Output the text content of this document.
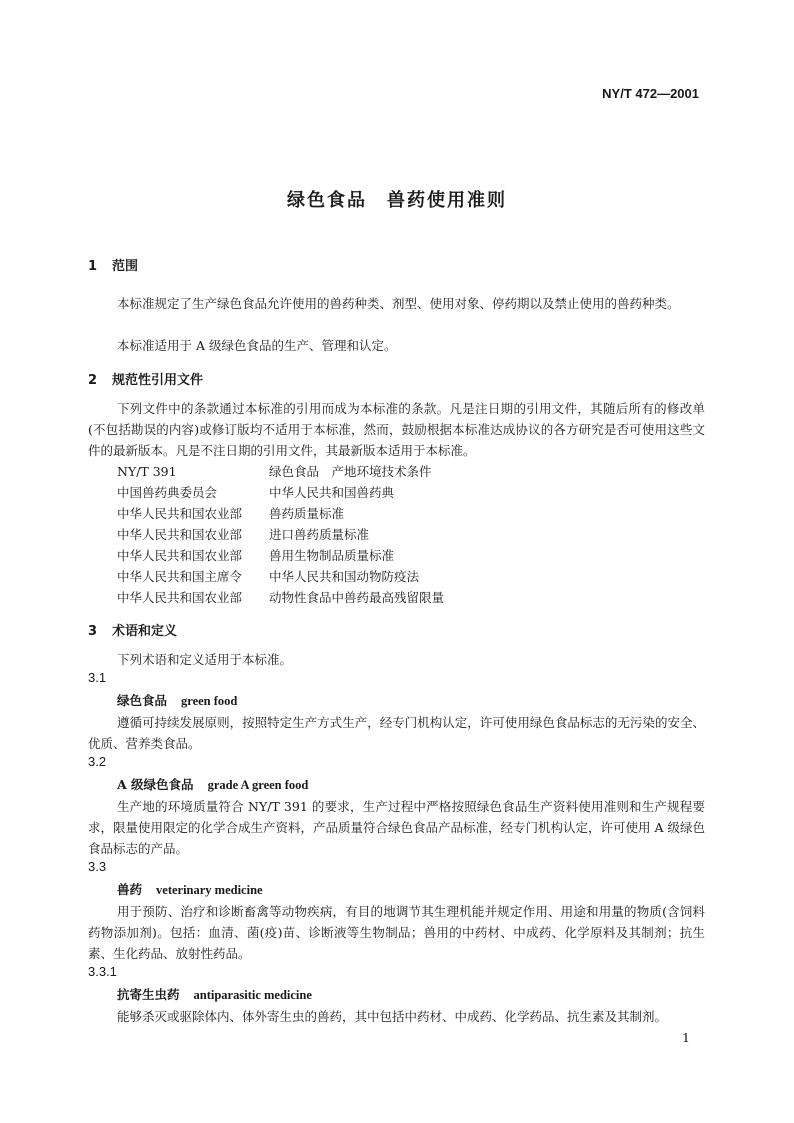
NY/T 472—2001
绿色食品　兽药使用准则
1 范围
本标准规定了生产绿色食品允许使用的兽药种类、剂型、使用对象、停药期以及禁止使用的兽药种类。
本标准适用于 A 级绿色食品的生产、管理和认定。
2 规范性引用文件
下列文件中的条款通过本标准的引用而成为本标准的条款。凡是注日期的引用文件，其随后所有的修改单(不包括勘误的内容)或修订版均不适用于本标准，然而，鼓励根据本标准达成协议的各方研究是否可使用这些文件的最新版本。凡是不注日期的引用文件，其最新版本适用于本标准。
NY/T 391	绿色食品　产地环境技术条件
中国兽药典委员会	中华人民共和国兽药典
中华人民共和国农业部 兽药质量标准
中华人民共和国农业部 进口兽药质量标准
中华人民共和国农业部 兽用生物制品质量标准
中华人民共和国主席令 中华人民共和国动物防疫法
中华人民共和国农业部 动物性食品中兽药最高残留限量
3 术语和定义
下列术语和定义适用于本标准。
3.1
绿色食品 green food
遵循可持续发展原则，按照特定生产方式生产，经专门机构认定，许可使用绿色食品标志的无污染的安全、优质、营养类食品。
3.2
A 级绿色食品 grade A green food
生产地的环境质量符合 NY/T 391 的要求，生产过程中严格按照绿色食品生产资料使用准则和生产规程要求，限量使用限定的化学合成生产资料，产品质量符合绿色食品产品标准，经专门机构认定，许可使用 A 级绿色食品标志的产品。
3.3
兽药 veterinary medicine
用于预防、治疗和诊断畜禽等动物疾病，有目的地调节其生理机能并规定作用、用途和用量的物质(含饲料药物添加剂)。包括：血清、菌(疫)苗、诊断液等生物制品；兽用的中药材、中成药、化学原料及其制剂；抗生素、生化药品、放射性药品。
3.3.1
抗寄生虫药 antiparasitic medicine
能够杀灭或驱除体内、体外寄生虫的兽药，其中包括中药材、中成药、化学药品、抗生素及其制剂。
1
